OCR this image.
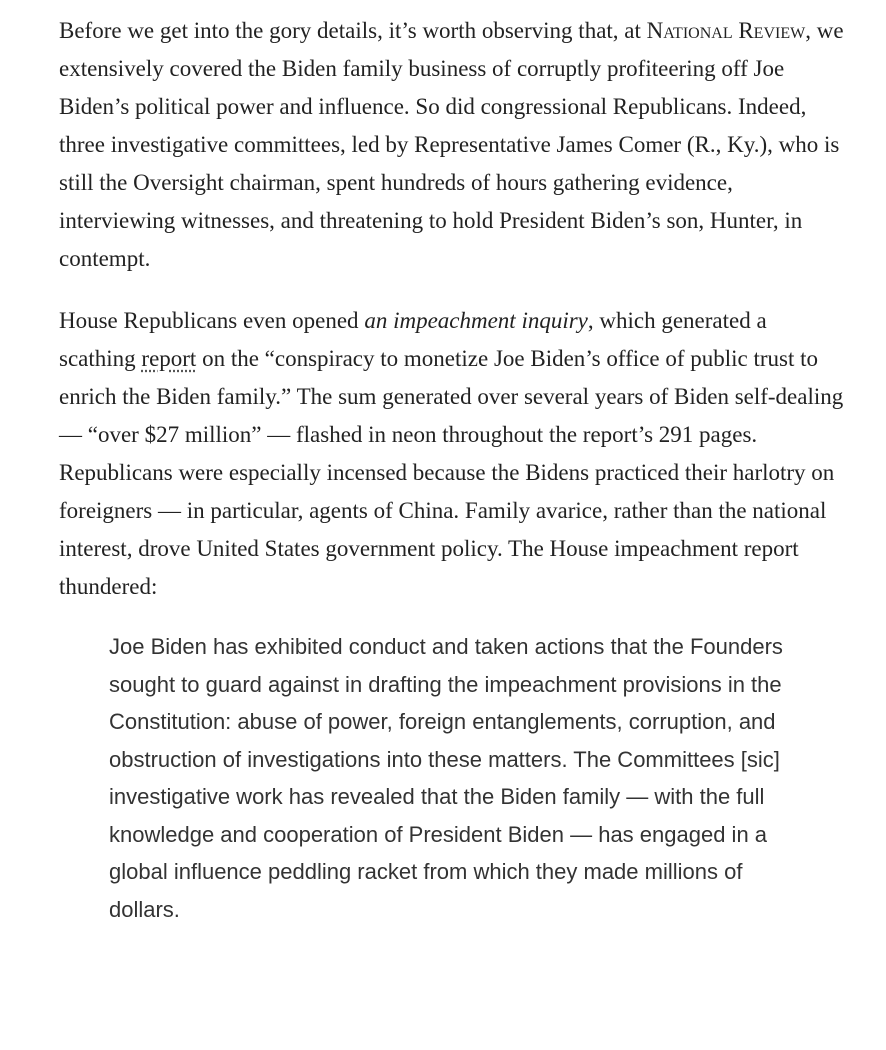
Before we get into the gory details, it’s worth observing that, at National Review, we extensively covered the Biden family business of corruptly profiteering off Joe Biden’s political power and influence. So did congressional Republicans. Indeed, three investigative committees, led by Representative James Comer (R., Ky.), who is still the Oversight chairman, spent hundreds of hours gathering evidence, interviewing witnesses, and threatening to hold President Biden’s son, Hunter, in contempt.

House Republicans even opened an impeachment inquiry, which generated a scathing report on the “conspiracy to monetize Joe Biden’s office of public trust to enrich the Biden family.” The sum generated over several years of Biden self-dealing — “over $27 million” — flashed in neon throughout the report’s 291 pages. Republicans were especially incensed because the Bidens practiced their harlotry on foreigners — in particular, agents of China. Family avarice, rather than the national interest, drove United States government policy. The House impeachment report thundered:

Joe Biden has exhibited conduct and taken actions that the Founders sought to guard against in drafting the impeachment provisions in the Constitution: abuse of power, foreign entanglements, corruption, and obstruction of investigations into these matters. The Committees [sic] investigative work has revealed that the Biden family — with the full knowledge and cooperation of President Biden — has engaged in a global influence peddling racket from which they made millions of dollars.
